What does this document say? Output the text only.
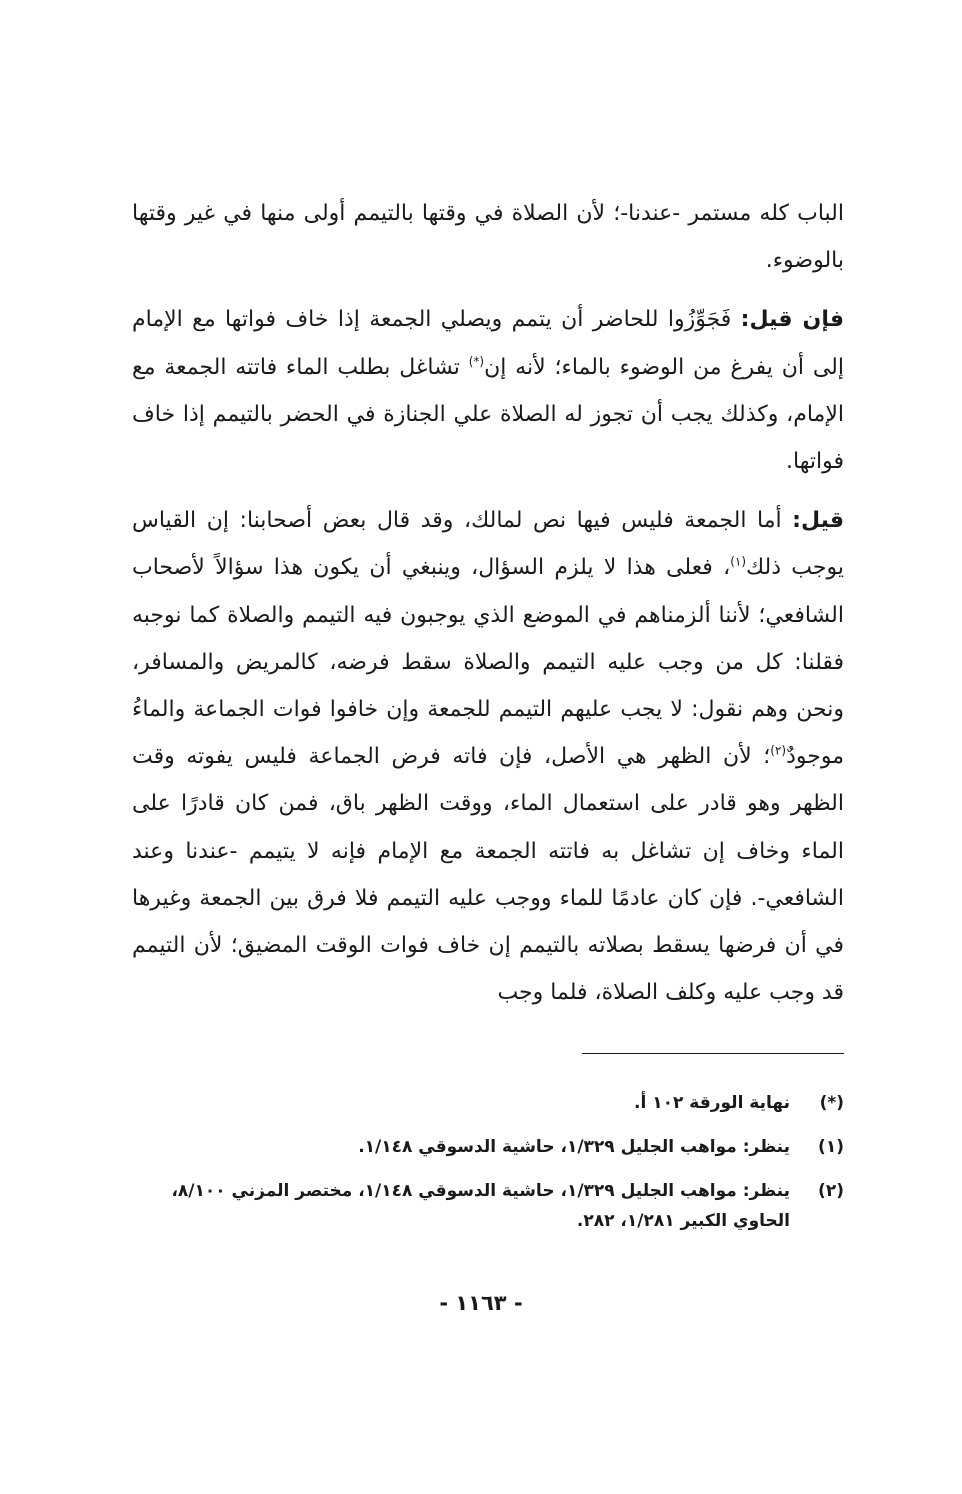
الباب كله مستمر -عندنا-؛ لأن الصلاة في وقتها بالتيمم أولى منها في غير وقتها بالوضوء.

فإن قيل: فَجَوِّزُوا للحاضر أن يتمم ويصلي الجمعة إذا خاف فواتها مع الإمام إلى أن يفرغ من الوضوء بالماء؛ لأنه إن(*) تشاغل بطلب الماء فاتته الجمعة مع الإمام، وكذلك يجب أن تجوز له الصلاة علي الجنازة في الحضر بالتيمم إذا خاف فواتها.

قيل: أما الجمعة فليس فيها نص لمالك، وقد قال بعض أصحابنا: إن القياس يوجب ذلك$^{(١)}$، فعلى هذا لا يلزم السؤال، وينبغي أن يكون هذا سؤالاً لأصحاب الشافعي؛ لأننا ألزمناهم في الموضع الذي يوجبون فيه التيمم والصلاة كما نوجبه فقلنا: كل من وجب عليه التيمم والصلاة سقط فرضه، كالمريض والمسافر، ونحن وهم نقول: لا يجب عليهم التيمم للجمعة وإن خافوا فوات الجماعة والماءُ موجودٌ$^{(٢)}$؛ لأن الظهر هي الأصل، فإن فاته فرض الجماعة فليس يفوته وقت الظهر وهو قادر على استعمال الماء، ووقت الظهر باق، فمن كان قادرًا على الماء وخاف إن تشاغل به فاتته الجمعة مع الإمام فإنه لا يتيمم -عندنا وعند الشافعي-. فإن كان عادمًا للماء ووجب عليه التيمم فلا فرق بين الجمعة وغيرها في أن فرضها يسقط بصلاته بالتيمم إن خاف فوات الوقت المضيق؛ لأن التيمم قد وجب عليه وكلف الصلاة، فلما وجب

(*)
نهاية الورقة ١٠٢ أ.
(١)
ينظر: مواهب الجليل ١/٣٢٩، حاشية الدسوقي ١/١٤٨.
(٢)
ينظر: مواهب الجليل ١/٣٢٩، حاشية الدسوقي ١/١٤٨، مختصر المزني ٨/١٠٠، الحاوي الكبير ١/٢٨١، ٢٨٢.
- ١١٦٣ -
